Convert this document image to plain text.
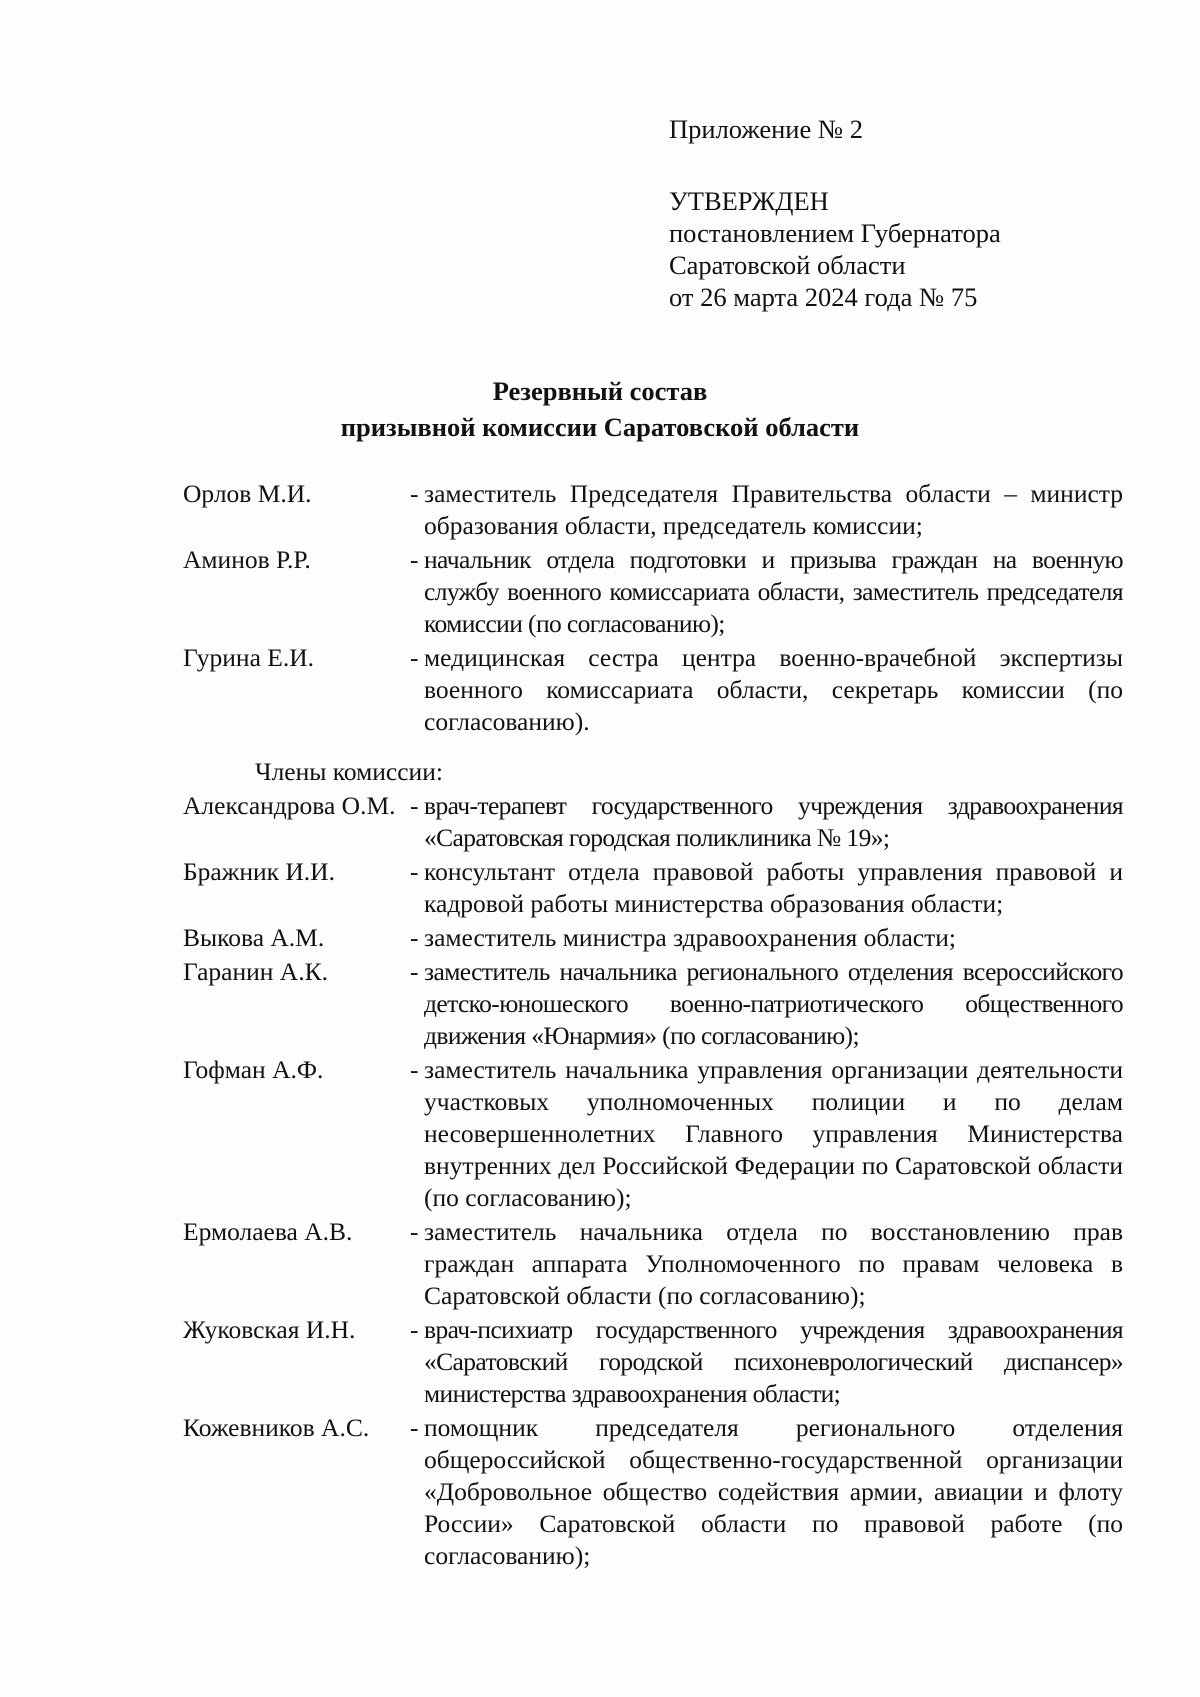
Приложение № 2
УТВЕРЖДЕН
постановлением Губернатора
Саратовской области
от 26 марта 2024 года № 75
Резервный состав
призывной комиссии Саратовской области
Орлов М.И.	- заместитель Председателя Правительства области – министр образования области, председатель комиссии;
Аминов Р.Р.	- начальник отдела подготовки и призыва граждан на военную службу военного комиссариата области, заместитель председателя комиссии (по согласованию);
Гурина Е.И.	- медицинская сестра центра военно-врачебной экспертизы военного комиссариата области, секретарь комиссии (по согласованию).
Члены комиссии:
Александрова О.М. - врач-терапевт государственного учреждения здравоохранения «Саратовская городская поликлиника № 19»;
Бражник И.И.	- консультант отдела правовой работы управления правовой и кадровой работы министерства образования области;
Выкова А.М.	- заместитель министра здравоохранения области;
Гаранин А.К.	- заместитель начальника регионального отделения всероссийского детско-юношеского военно-патриотического общественного движения «Юнармия» (по согласованию);
Гофман А.Ф.	- заместитель начальника управления организации деятельности участковых уполномоченных полиции и по делам несовершеннолетних Главного управления Министерства внутренних дел Российской Федерации по Саратовской области (по согласованию);
Ермолаева А.В.	- заместитель начальника отдела по восстановлению прав граждан аппарата Уполномоченного по правам человека в Саратовской области (по согласованию);
Жуковская И.Н.	- врач-психиатр государственного учреждения здравоохранения «Саратовский городской психоневрологический диспансер» министерства здравоохранения области;
Кожевников А.С.	- помощник председателя регионального отделения общероссийской общественно-государственной организации «Добровольное общество содействия армии, авиации и флоту России» Саратовской области по правовой работе (по согласованию);
